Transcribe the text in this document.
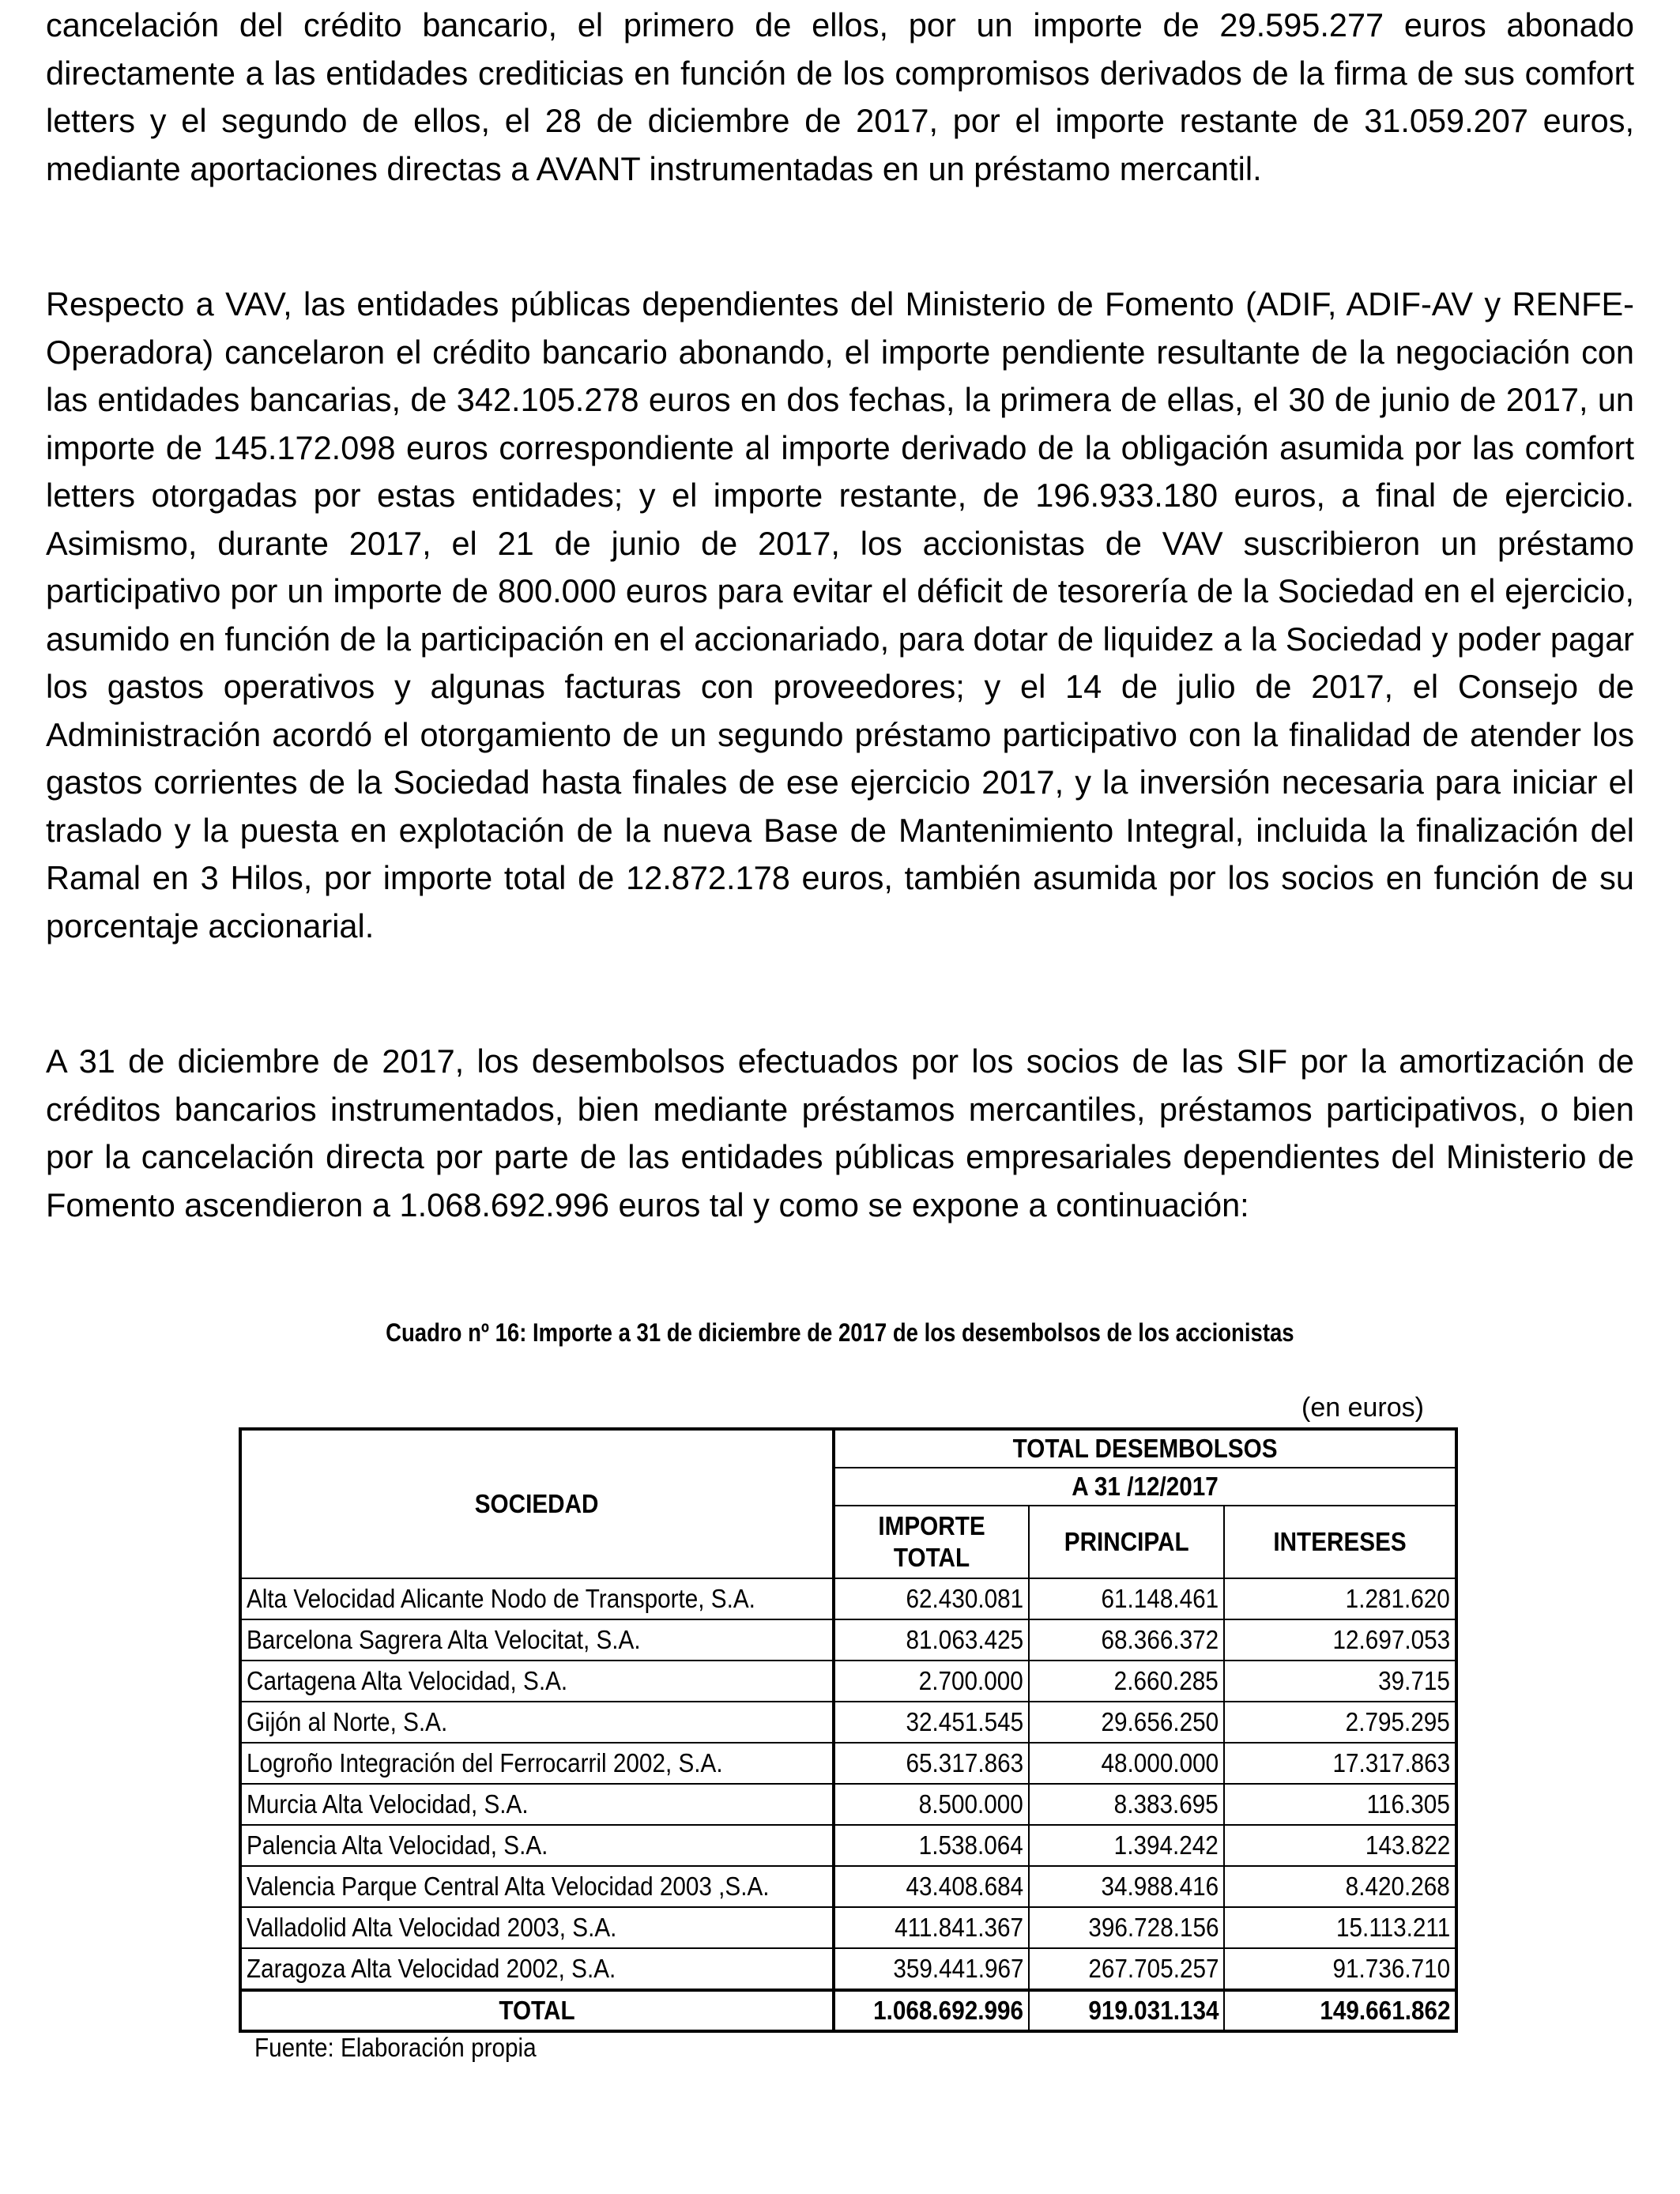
cancelación del crédito bancario, el primero de ellos, por un importe de 29.595.277 euros abonado directamente a las entidades crediticias en función de los compromisos derivados de la firma de sus comfort letters y el segundo de ellos, el 28 de diciembre de 2017, por el importe restante de 31.059.207 euros, mediante aportaciones directas a AVANT instrumentadas en un préstamo mercantil.

Respecto a VAV, las entidades públicas dependientes del Ministerio de Fomento (ADIF, ADIF-AV y RENFE- Operadora) cancelaron el crédito bancario abonando, el importe pendiente resultante de la negociación con las entidades bancarias, de 342.105.278 euros en dos fechas, la primera de ellas, el 30 de junio de 2017, un importe de 145.172.098 euros correspondiente al importe derivado de la obligación asumida por las comfort letters otorgadas por estas entidades; y el importe restante, de 196.933.180 euros, a final de ejercicio. Asimismo, durante 2017, el 21 de junio de 2017, los accionistas de VAV suscribieron un préstamo participativo por un importe de 800.000 euros para evitar el déficit de tesorería de la Sociedad en el ejercicio, asumido en función de la participación en el accionariado, para dotar de liquidez a la Sociedad y poder pagar los gastos operativos y algunas facturas con proveedores; y el 14 de julio de 2017, el Consejo de Administración acordó el otorgamiento de un segundo préstamo participativo con la finalidad de atender los gastos corrientes de la Sociedad hasta finales de ese ejercicio 2017, y la inversión necesaria para iniciar el traslado y la puesta en explotación de la nueva Base de Mantenimiento Integral, incluida la finalización del Ramal en 3 Hilos, por importe total de 12.872.178 euros, también asumida por los socios en función de su porcentaje accionarial.

A 31 de diciembre de 2017, los desembolsos efectuados por los socios de las SIF por la amortización de créditos bancarios instrumentados, bien mediante préstamos mercantiles, préstamos participativos, o bien por la cancelación directa por parte de las entidades públicas empresariales dependientes del Ministerio de Fomento ascendieron a 1.068.692.996 euros tal y como se expone a continuación:

Cuadro nº 16: Importe a 31 de diciembre de 2017 de los desembolsos de los accionistas
(en euros)
SOCIEDAD	TOTAL DESEMBOLSOS		
	A 31 /12/2017		
	IMPORTE TOTAL	PRINCIPAL	INTERESES
Alta Velocidad Alicante Nodo de Transporte, S.A.	62.430.081	61.148.461	1.281.620
Barcelona Sagrera Alta Velocitat, S.A.	81.063.425	68.366.372	12.697.053
Cartagena Alta Velocidad, S.A.	2.700.000	2.660.285	39.715
Gijón al Norte, S.A.	32.451.545	29.656.250	2.795.295
Logroño Integración del Ferrocarril 2002, S.A.	65.317.863	48.000.000	17.317.863
Murcia Alta Velocidad, S.A.	8.500.000	8.383.695	116.305
Palencia Alta Velocidad, S.A.	1.538.064	1.394.242	143.822
Valencia Parque Central Alta Velocidad 2003 ,S.A.	43.408.684	34.988.416	8.420.268
Valladolid Alta Velocidad 2003, S.A.	411.841.367	396.728.156	15.113.211
Zaragoza Alta Velocidad 2002, S.A.	359.441.967	267.705.257	91.736.710
TOTAL	1.068.692.996	919.031.134	149.661.862
Fuente: Elaboración propia
